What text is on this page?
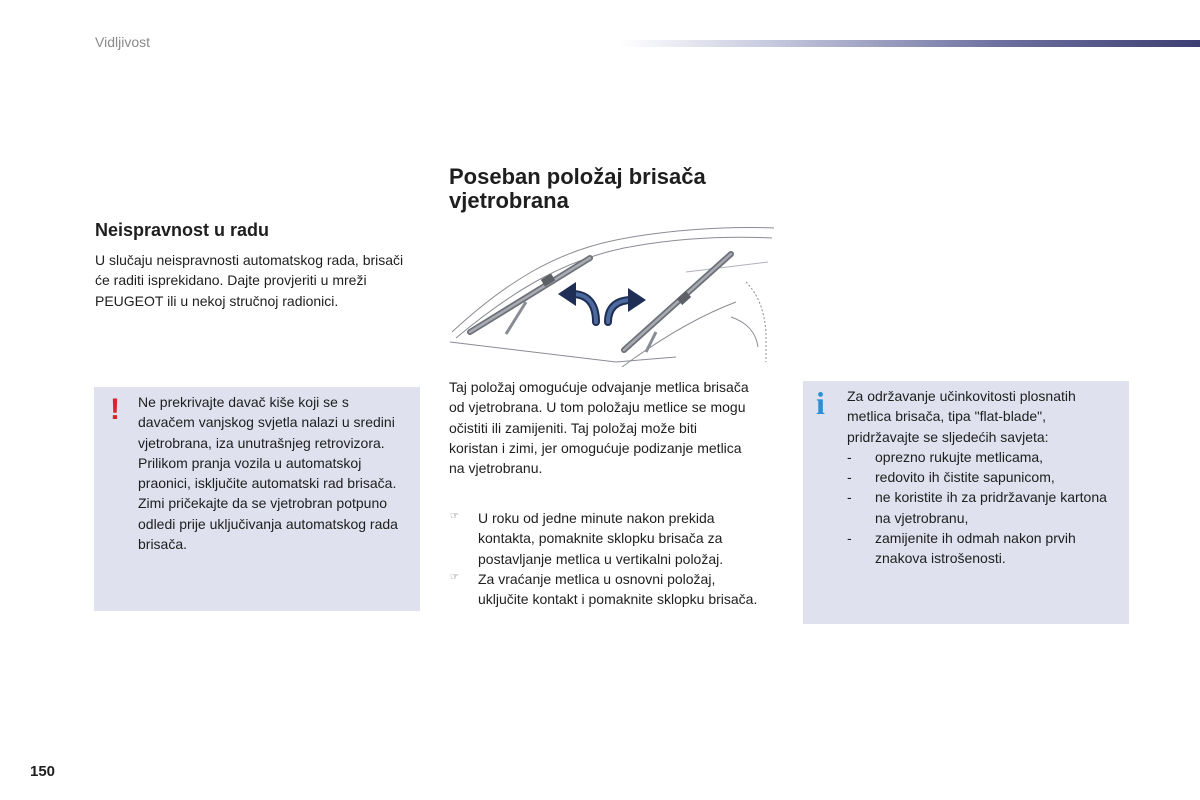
Vidljivost
Neispravnost u radu

U slučaju neispravnosti automatskog rada, brisači će raditi isprekidano. Dajte provjeriti u mreži PEUGEOT ili u nekoj stručnoj radionici.

! Ne prekrivajte davač kiše koji se s davačem vanjskog svjetla nalazi u sredini vjetrobrana, iza unutrašnjeg retrovizora. Prilikom pranja vozila u automatskoj praonici, isključite automatski rad brisača. Zimi pričekajte da se vjetrobran potpuno odledi prije uključivanja automatskog rada brisača.

Poseban položaj brisača vjetrobrana

Taj položaj omogućuje odvajanje metlica brisača od vjetrobrana. U tom položaju metlice se mogu očistiti ili zamijeniti. Taj položaj može biti koristan i zimi, jer omogućuje podizanje metlica na vjetrobranu.

☞ U roku od jedne minute nakon prekida kontakta, pomaknite sklopku brisača za postavljanje metlica u vertikalni položaj.
☞ Za vraćanje metlica u osnovni položaj, uključite kontakt i pomaknite sklopku brisača.
i Za održavanje učinkovitosti plosnatih metlica brisača, tipa "flat-blade", pridržavajte se sljedećih savjeta:
- oprezno rukujte metlicama,
- redovito ih čistite sapunicom,
- ne koristite ih za pridržavanje kartona na vjetrobranu,
- zamijenite ih odmah nakon prvih znakova istrošenosti.
150
